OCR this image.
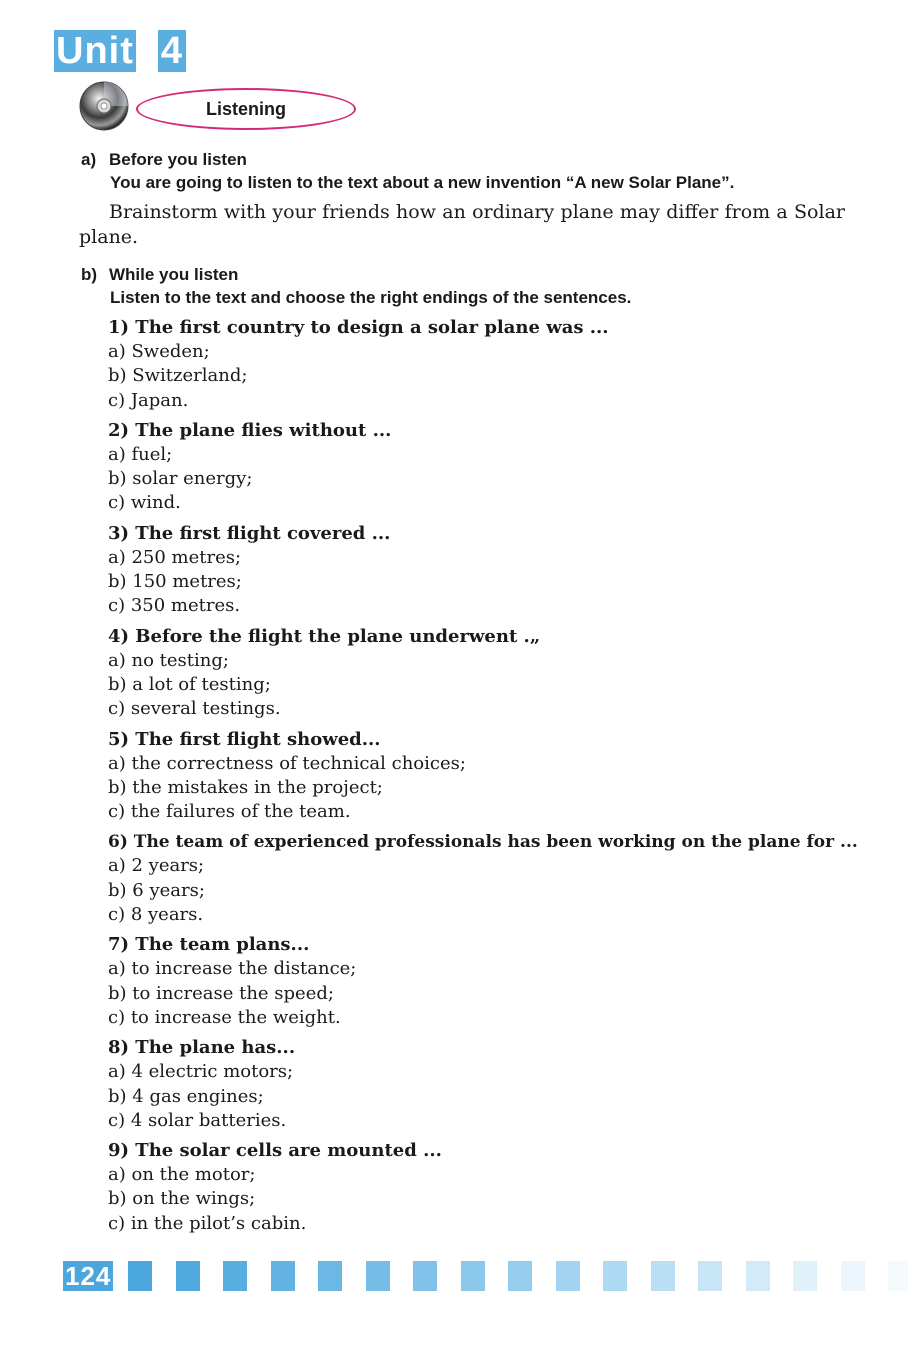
Unit 4
Listening
a) Before you listen
You are going to listen to the text about a new invention “A new Solar Plane”.
Brainstorm with your friends how an ordinary plane may differ from a Solar plane.
b) While you listen
Listen to the text and choose the right endings of the sentences.
1) The first country to design a solar plane was ...
a) Sweden;
b) Switzerland;
c) Japan.
2) The plane flies without ...
a) fuel;
b) solar energy;
c) wind.
3) The first flight covered ...
a) 250 metres;
b) 150 metres;
c) 350 metres.
4) Before the flight the plane underwent .„
a) no testing;
b) a lot of testing;
c) several testings.
5) The first flight showed...
a) the correctness of technical choices;
b) the mistakes in the project;
c) the failures of the team.
6) The team of experienced professionals has been working on the plane for ...
a) 2 years;
b) 6 years;
c) 8 years.
7) The team plans...
a) to increase the distance;
b) to increase the speed;
c) to increase the weight.
8) The plane has...
a) 4 electric motors;
b) 4 gas engines;
c) 4 solar batteries.
9) The solar cells are mounted ...
a) on the motor;
b) on the wings;
c) in the pilot’s cabin.
124
